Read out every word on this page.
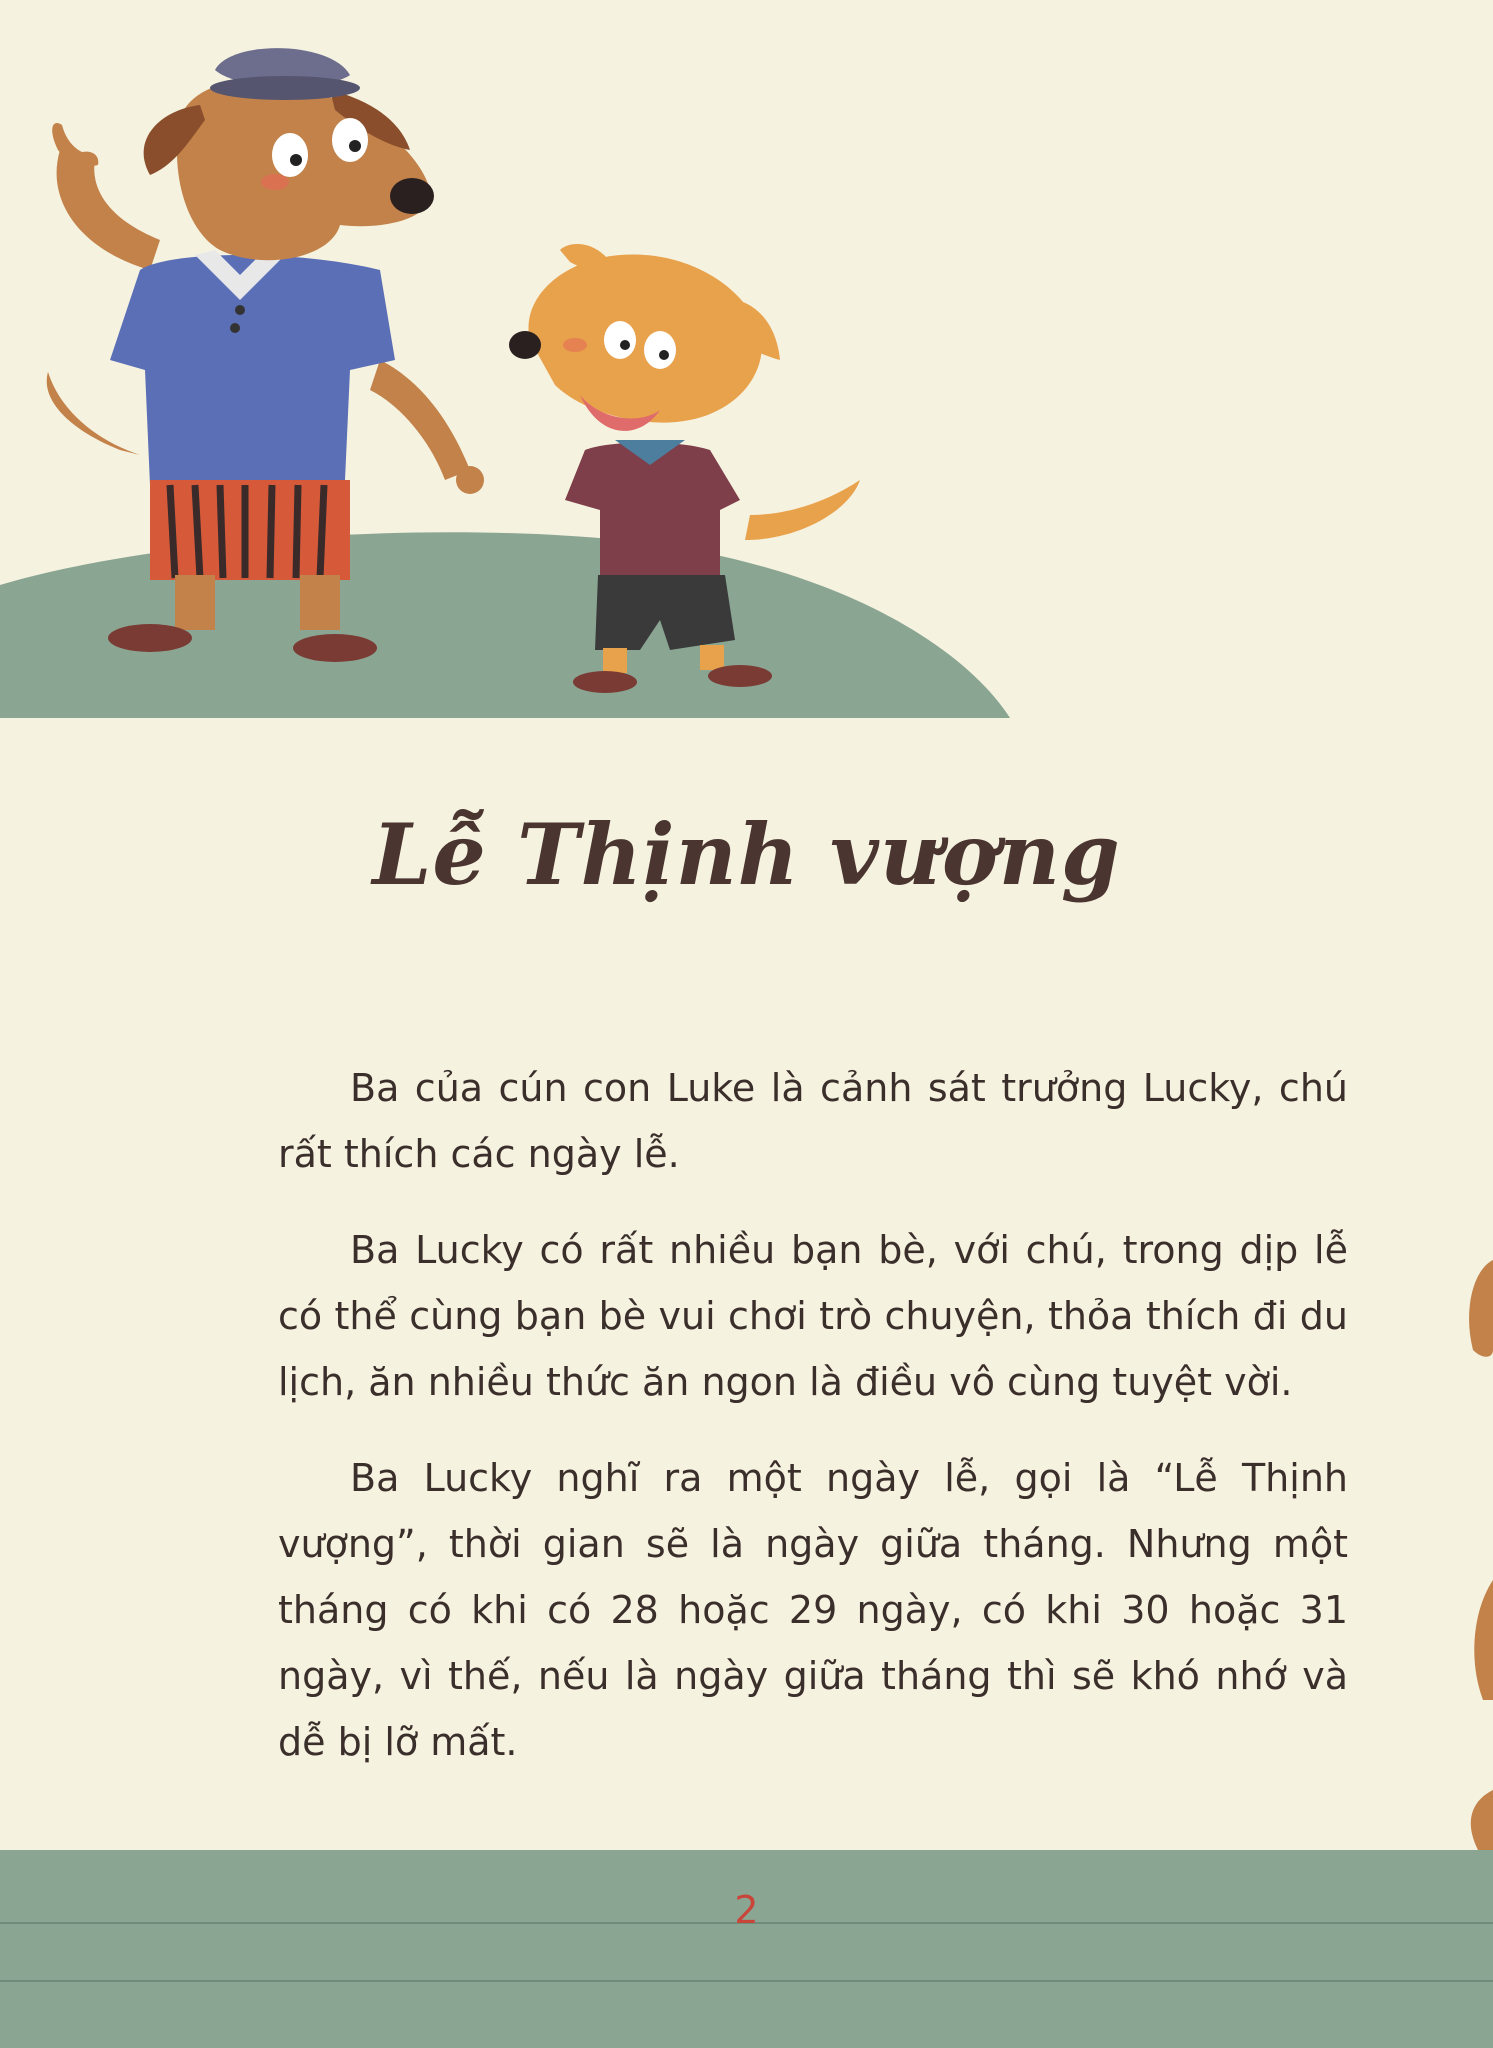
Lễ Thịnh vượng

Ba của cún con Luke là cảnh sát trưởng Lucky, chú rất thích các ngày lễ.

Ba Lucky có rất nhiều bạn bè, với chú, trong dịp lễ có thể cùng bạn bè vui chơi trò chuyện, thỏa thích đi du lịch, ăn nhiều thức ăn ngon là điều vô cùng tuyệt vời.

Ba Lucky nghĩ ra một ngày lễ, gọi là “Lễ Thịnh vượng”, thời gian sẽ là ngày giữa tháng. Nhưng một tháng có khi có 28 hoặc 29 ngày, có khi 30 hoặc 31 ngày, vì thế, nếu là ngày giữa tháng thì sẽ khó nhớ và dễ bị lỡ mất.

2
